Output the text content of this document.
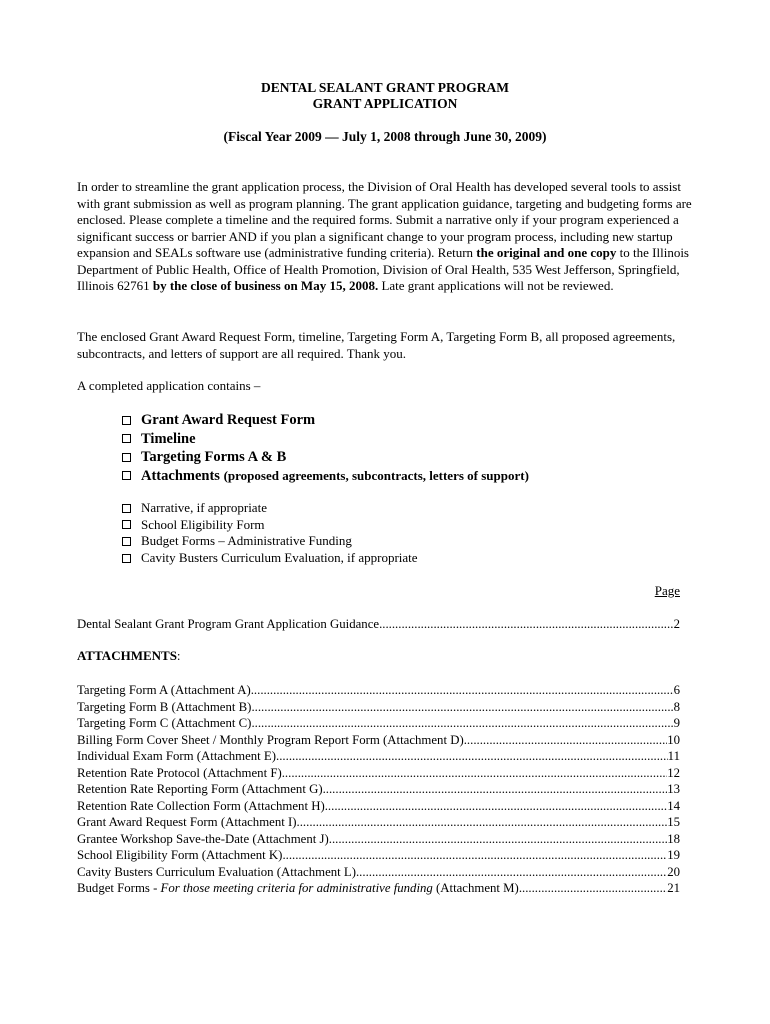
DENTAL SEALANT GRANT PROGRAM
GRANT APPLICATION
(Fiscal Year 2009 — July 1, 2008 through June 30, 2009)
In order to streamline the grant application process, the Division of Oral Health has developed several tools to assist with grant submission as well as program planning. The grant application guidance, targeting and budgeting forms are enclosed. Please complete a timeline and the required forms. Submit a narrative only if your program experienced a significant success or barrier AND if you plan a significant change to your program process, including new startup expansion and SEALs software use (administrative funding criteria). Return the original and one copy to the Illinois Department of Public Health, Office of Health Promotion, Division of Oral Health, 535 West Jefferson, Springfield, Illinois 62761 by the close of business on May 15, 2008. Late grant applications will not be reviewed.
The enclosed Grant Award Request Form, timeline, Targeting Form A, Targeting Form B, all proposed agreements, subcontracts, and letters of support are all required. Thank you.
A completed application contains –
Grant Award Request Form
Timeline
Targeting Forms A & B
Attachments
(proposed agreements, subcontracts, letters of support)
Narrative, if appropriate
School Eligibility Form
Budget Forms – Administrative Funding
Cavity Busters Curriculum Evaluation, if appropriate
Page
Dental Sealant Grant Program Grant Application Guidance .....	2
ATTACHMENTS:
Targeting Form A (Attachment A) .....	6
Targeting Form B (Attachment B) .....	8
Targeting Form C (Attachment C) .....	9
Billing Form Cover Sheet / Monthly Program Report Form (Attachment D) .....	10
Individual Exam Form (Attachment E) .....	11
Retention Rate Protocol (Attachment F) .....	12
Retention Rate Reporting Form (Attachment G) .....	13
Retention Rate Collection Form (Attachment H) .....	14
Grant Award Request Form (Attachment I) .....	15
Grantee Workshop Save-the-Date (Attachment J) .....	18
School Eligibility Form (Attachment K) .....	19
Cavity Busters Curriculum Evaluation (Attachment L) .....	20
Budget Forms - For those meeting criteria for administrative funding (Attachment M) .....	21
